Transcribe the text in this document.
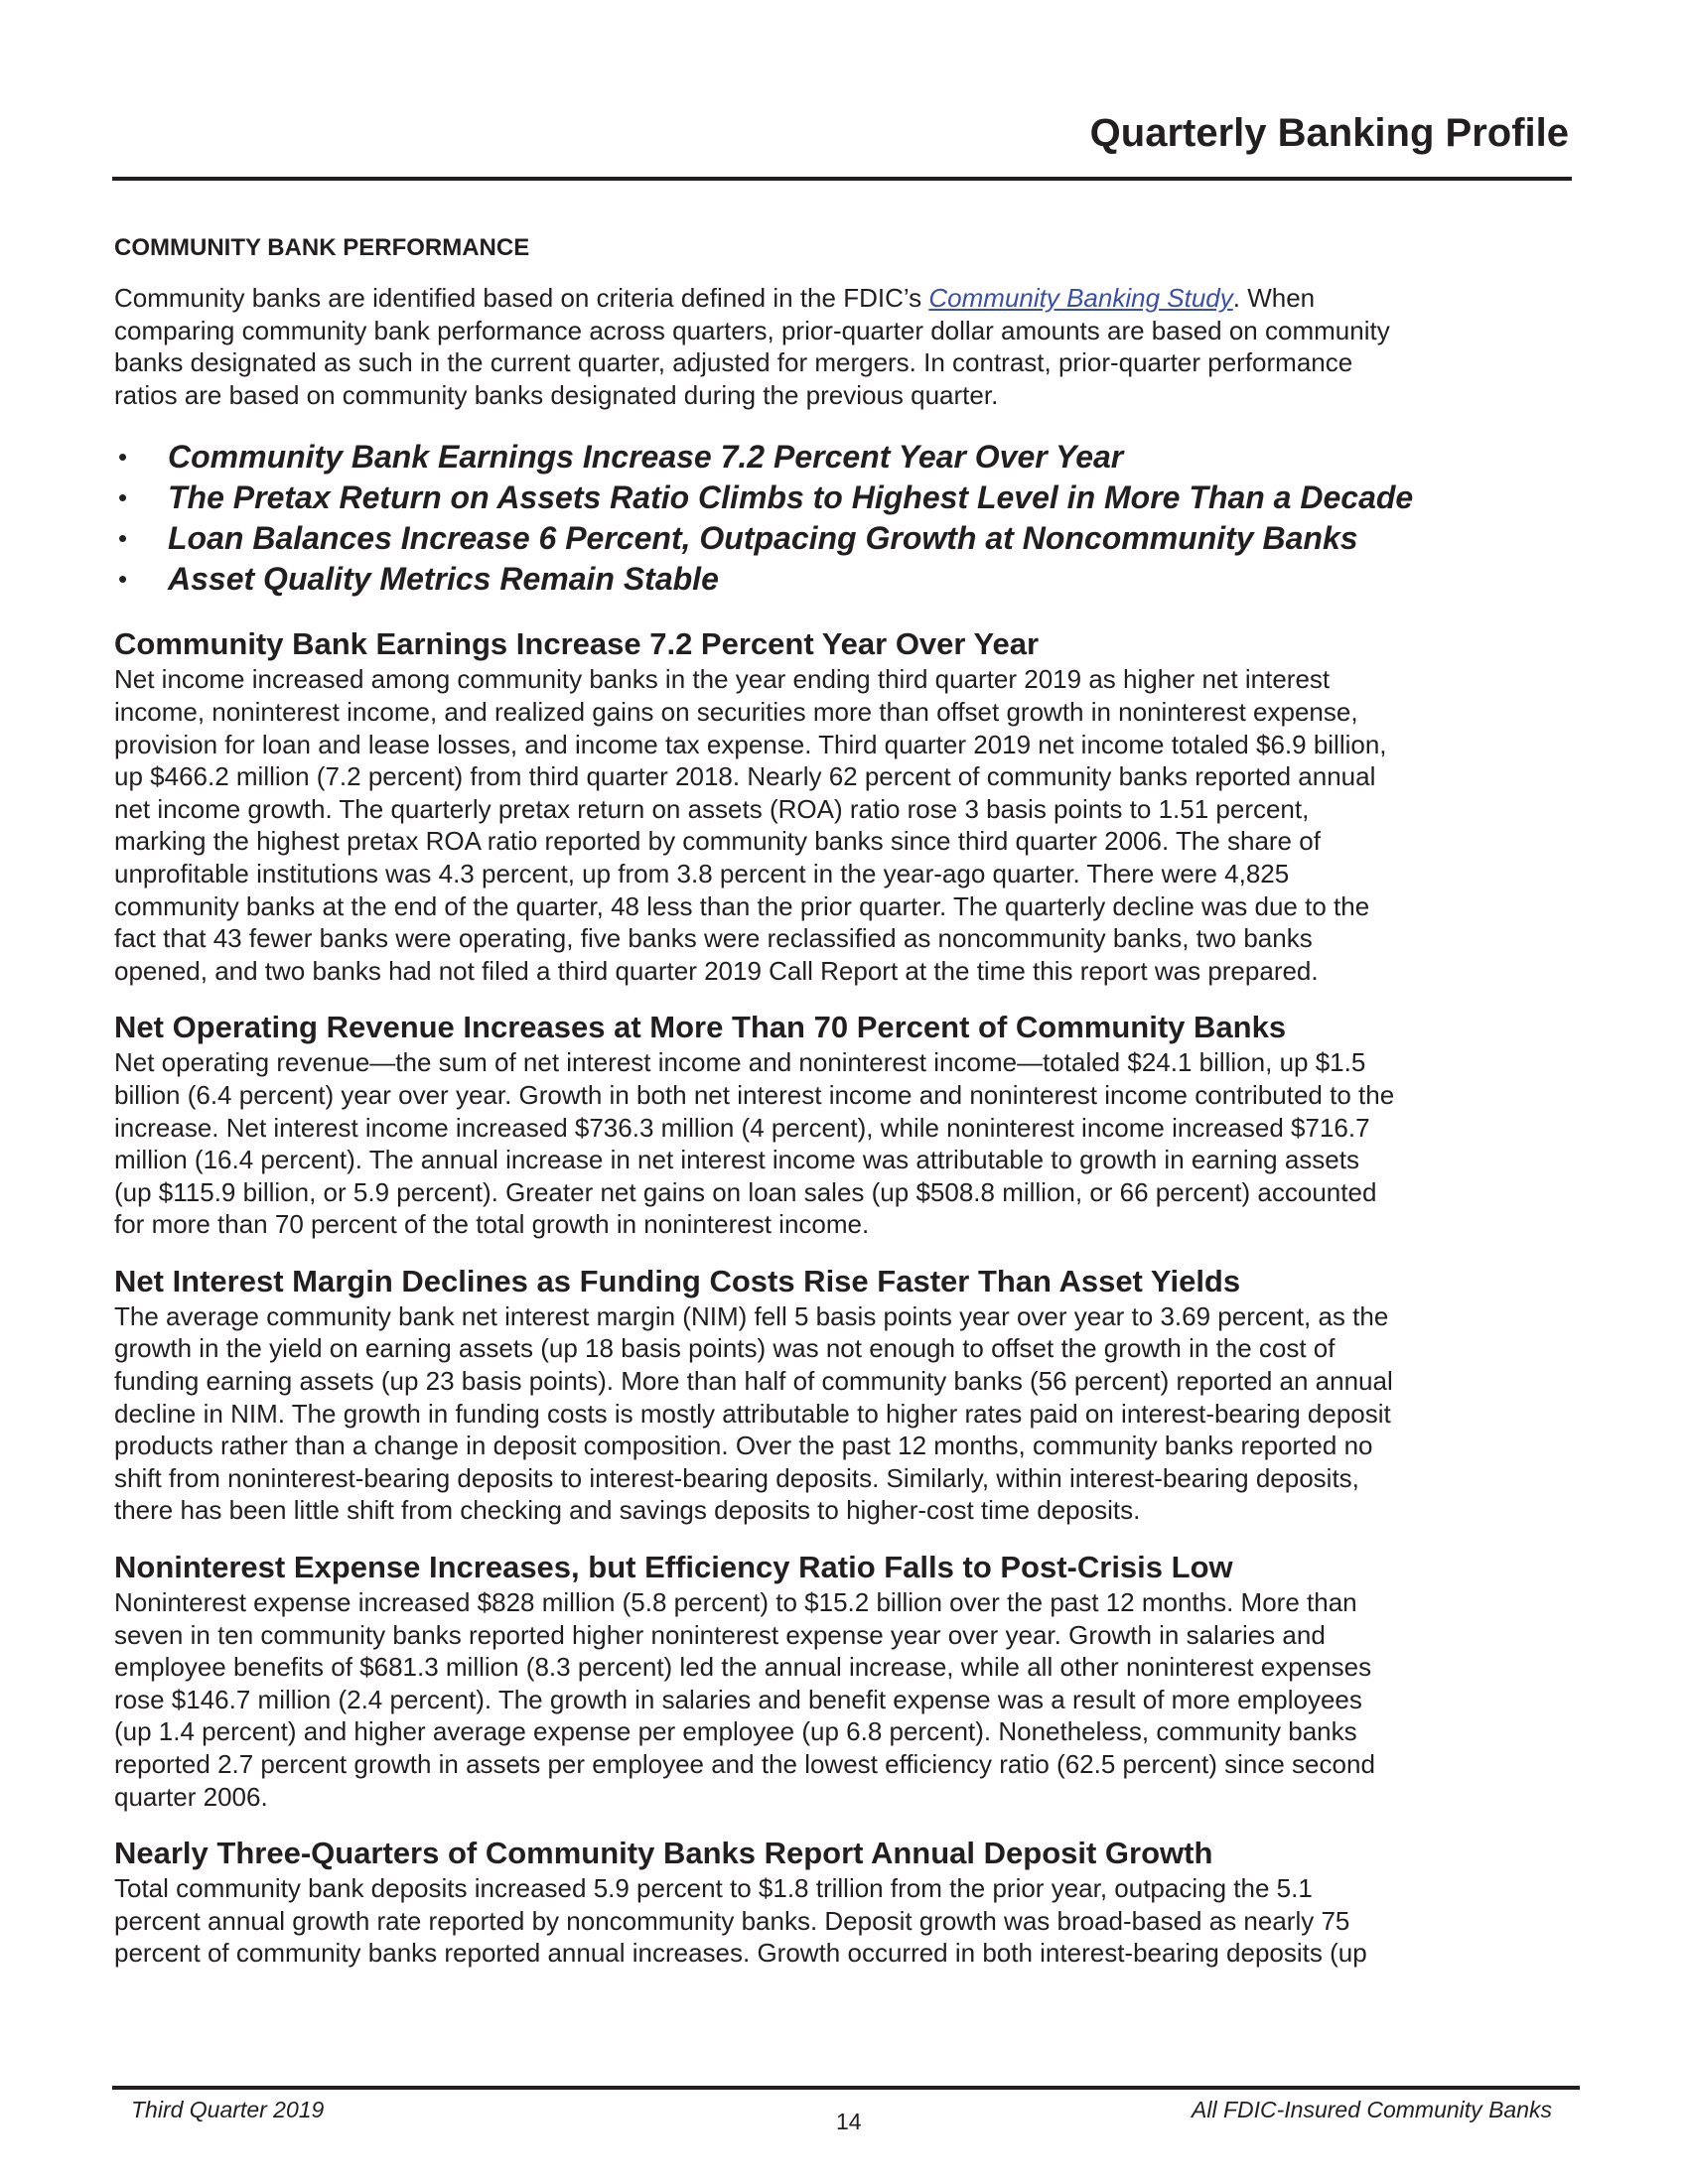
Quarterly Banking Profile
COMMUNITY BANK PERFORMANCE
Community banks are identified based on criteria defined in the FDIC’s Community Banking Study. When
comparing community bank performance across quarters, prior-quarter dollar amounts are based on community
banks designated as such in the current quarter, adjusted for mergers. In contrast, prior-quarter performance
ratios are based on community banks designated during the previous quarter.
• Community Bank Earnings Increase 7.2 Percent Year Over Year
• The Pretax Return on Assets Ratio Climbs to Highest Level in More Than a Decade
• Loan Balances Increase 6 Percent, Outpacing Growth at Noncommunity Banks
• Asset Quality Metrics Remain Stable
Community Bank Earnings Increase 7.2 Percent Year Over Year
Net income increased among community banks in the year ending third quarter 2019 as higher net interest
income, noninterest income, and realized gains on securities more than offset growth in noninterest expense,
provision for loan and lease losses, and income tax expense. Third quarter 2019 net income totaled $6.9 billion,
up $466.2 million (7.2 percent) from third quarter 2018. Nearly 62 percent of community banks reported annual
net income growth. The quarterly pretax return on assets (ROA) ratio rose 3 basis points to 1.51 percent,
marking the highest pretax ROA ratio reported by community banks since third quarter 2006. The share of
unprofitable institutions was 4.3 percent, up from 3.8 percent in the year-ago quarter. There were 4,825
community banks at the end of the quarter, 48 less than the prior quarter. The quarterly decline was due to the
fact that 43 fewer banks were operating, five banks were reclassified as noncommunity banks, two banks
opened, and two banks had not filed a third quarter 2019 Call Report at the time this report was prepared.
Net Operating Revenue Increases at More Than 70 Percent of Community Banks
Net operating revenue—the sum of net interest income and noninterest income—totaled $24.1 billion, up $1.5
billion (6.4 percent) year over year. Growth in both net interest income and noninterest income contributed to the
increase. Net interest income increased $736.3 million (4 percent), while noninterest income increased $716.7
million (16.4 percent). The annual increase in net interest income was attributable to growth in earning assets
(up $115.9 billion, or 5.9 percent). Greater net gains on loan sales (up $508.8 million, or 66 percent) accounted
for more than 70 percent of the total growth in noninterest income.
Net Interest Margin Declines as Funding Costs Rise Faster Than Asset Yields
The average community bank net interest margin (NIM) fell 5 basis points year over year to 3.69 percent, as the
growth in the yield on earning assets (up 18 basis points) was not enough to offset the growth in the cost of
funding earning assets (up 23 basis points). More than half of community banks (56 percent) reported an annual
decline in NIM. The growth in funding costs is mostly attributable to higher rates paid on interest-bearing deposit
products rather than a change in deposit composition. Over the past 12 months, community banks reported no
shift from noninterest-bearing deposits to interest-bearing deposits. Similarly, within interest-bearing deposits,
there has been little shift from checking and savings deposits to higher-cost time deposits.
Noninterest Expense Increases, but Efficiency Ratio Falls to Post-Crisis Low
Noninterest expense increased $828 million (5.8 percent) to $15.2 billion over the past 12 months. More than
seven in ten community banks reported higher noninterest expense year over year. Growth in salaries and
employee benefits of $681.3 million (8.3 percent) led the annual increase, while all other noninterest expenses
rose $146.7 million (2.4 percent). The growth in salaries and benefit expense was a result of more employees
(up 1.4 percent) and higher average expense per employee (up 6.8 percent). Nonetheless, community banks
reported 2.7 percent growth in assets per employee and the lowest efficiency ratio (62.5 percent) since second
quarter 2006.
Nearly Three-Quarters of Community Banks Report Annual Deposit Growth
Total community bank deposits increased 5.9 percent to $1.8 trillion from the prior year, outpacing the 5.1
percent annual growth rate reported by noncommunity banks. Deposit growth was broad-based as nearly 75
percent of community banks reported annual increases. Growth occurred in both interest-bearing deposits (up
Third Quarter 2019	14	All FDIC-Insured Community Banks
